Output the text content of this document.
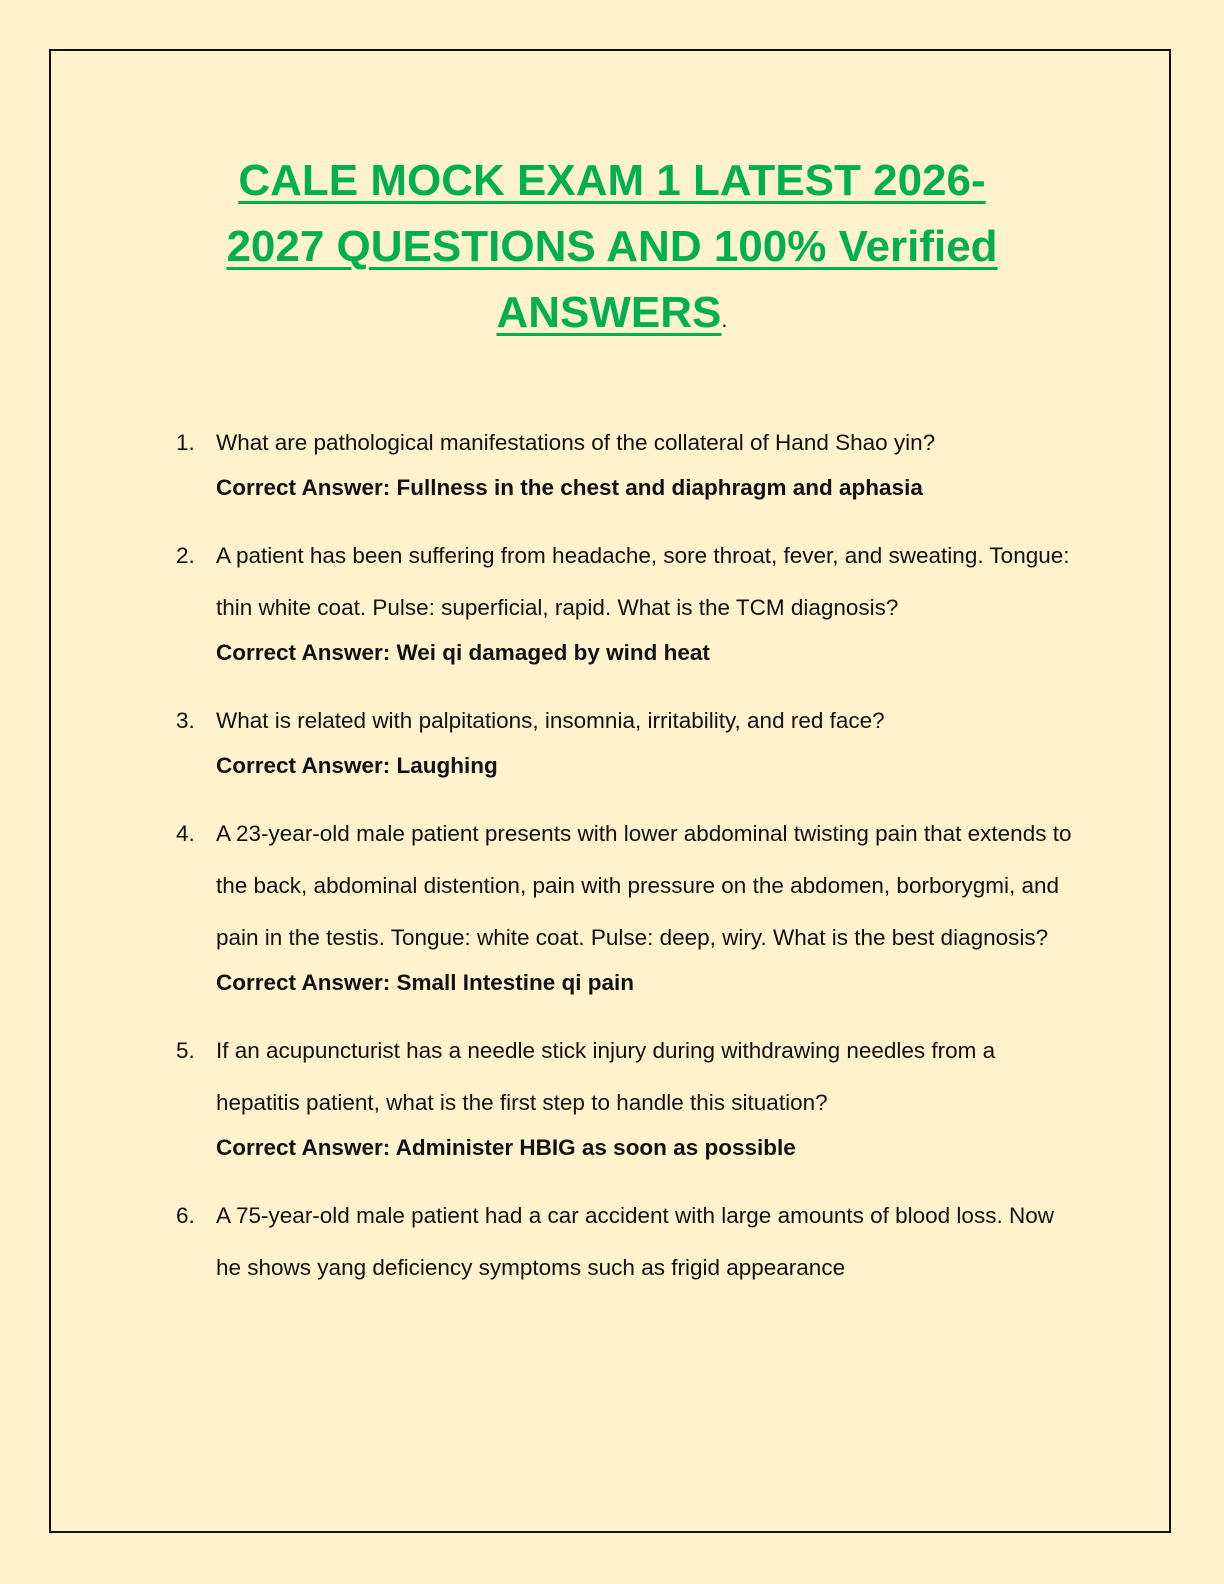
CALE MOCK EXAM 1 LATEST 2026-
2027 QUESTIONS AND 100% Verified
ANSWERS.
1. What are pathological manifestations of the collateral of Hand Shao yin?
Correct Answer: Fullness in the chest and diaphragm and aphasia
2. A patient has been suffering from headache, sore throat, fever, and sweating. Tongue: thin white coat. Pulse: superficial, rapid. What is the TCM diagnosis?
Correct Answer: Wei qi damaged by wind heat
3. What is related with palpitations, insomnia, irritability, and red face?
Correct Answer: Laughing
4. A 23-year-old male patient presents with lower abdominal twisting pain that extends to the back, abdominal distention, pain with pressure on the abdomen, borborygmi, and pain in the testis. Tongue: white coat. Pulse: deep, wiry. What is the best diagnosis?
Correct Answer: Small Intestine qi pain
5. If an acupuncturist has a needle stick injury during withdrawing needles from a hepatitis patient, what is the first step to handle this situation?
Correct Answer: Administer HBIG as soon as possible
6. A 75-year-old male patient had a car accident with large amounts of blood loss. Now he shows yang deficiency symptoms such as frigid appearance
